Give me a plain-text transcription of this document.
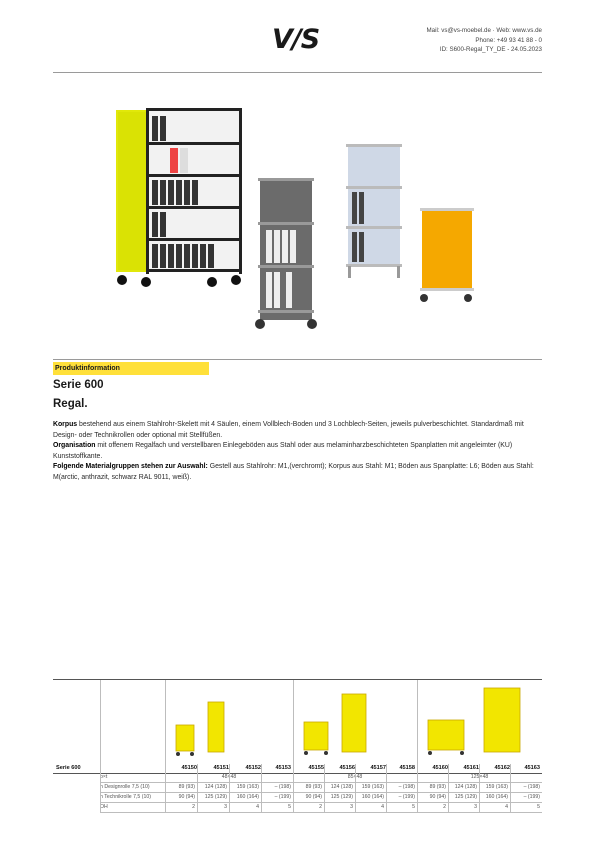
V/S	Mail: vs@vs-moebel.de · Web: www.vs.de
Phone: +49 93 41 88 - 0
ID: S600-Regal_TY_DE - 24.05.2023
Produktinformation
Serie 600
Regal.

Korpus bestehend aus einem Stahlrohr-Skelett mit 4 Säulen, einem Vollblech-Boden und 3 Lochblech-Seiten, jeweils pulverbeschichtet. Standardmaß mit Design- oder Technikrollen oder optional mit Stellfüßen.

Organisation mit offenem Regalfach und verstellbaren Einlegeböden aus Stahl oder aus melaminharzbeschichteten Spanplatten mit angeleimter (KU) Kunststoffkante.

Folgende Materialgruppen stehen zur Auswahl: Gestell aus Stahlrohr: M1,(verchromt); Korpus aus Stahl: M1; Böden aus Spanplatte: L6; Böden aus Stahl: M(arctic, anthrazit, schwarz RAL 9011, weiß).

Serie 600	45150	45151	45152	45153	45155	45156	45157	45158	45160	45161	45162	45163
b×t	48×48	85×48	125×48
h Designrolle 7,5 (10)	89 (93)	124 (128)	159 (163)	– (198)	89 (93)	124 (128)	159 (163)	– (198)	89 (93)	124 (128)	159 (163)	– (198)
h Technikrolle 7,5 (10)	90 (94)	125 (129)	160 (164)	– (199)	90 (94)	125 (129)	160 (164)	– (199)	90 (94)	125 (129)	160 (164)	– (199)
OH	2	3	4	5	2	3	4	5	2	3	4	5
